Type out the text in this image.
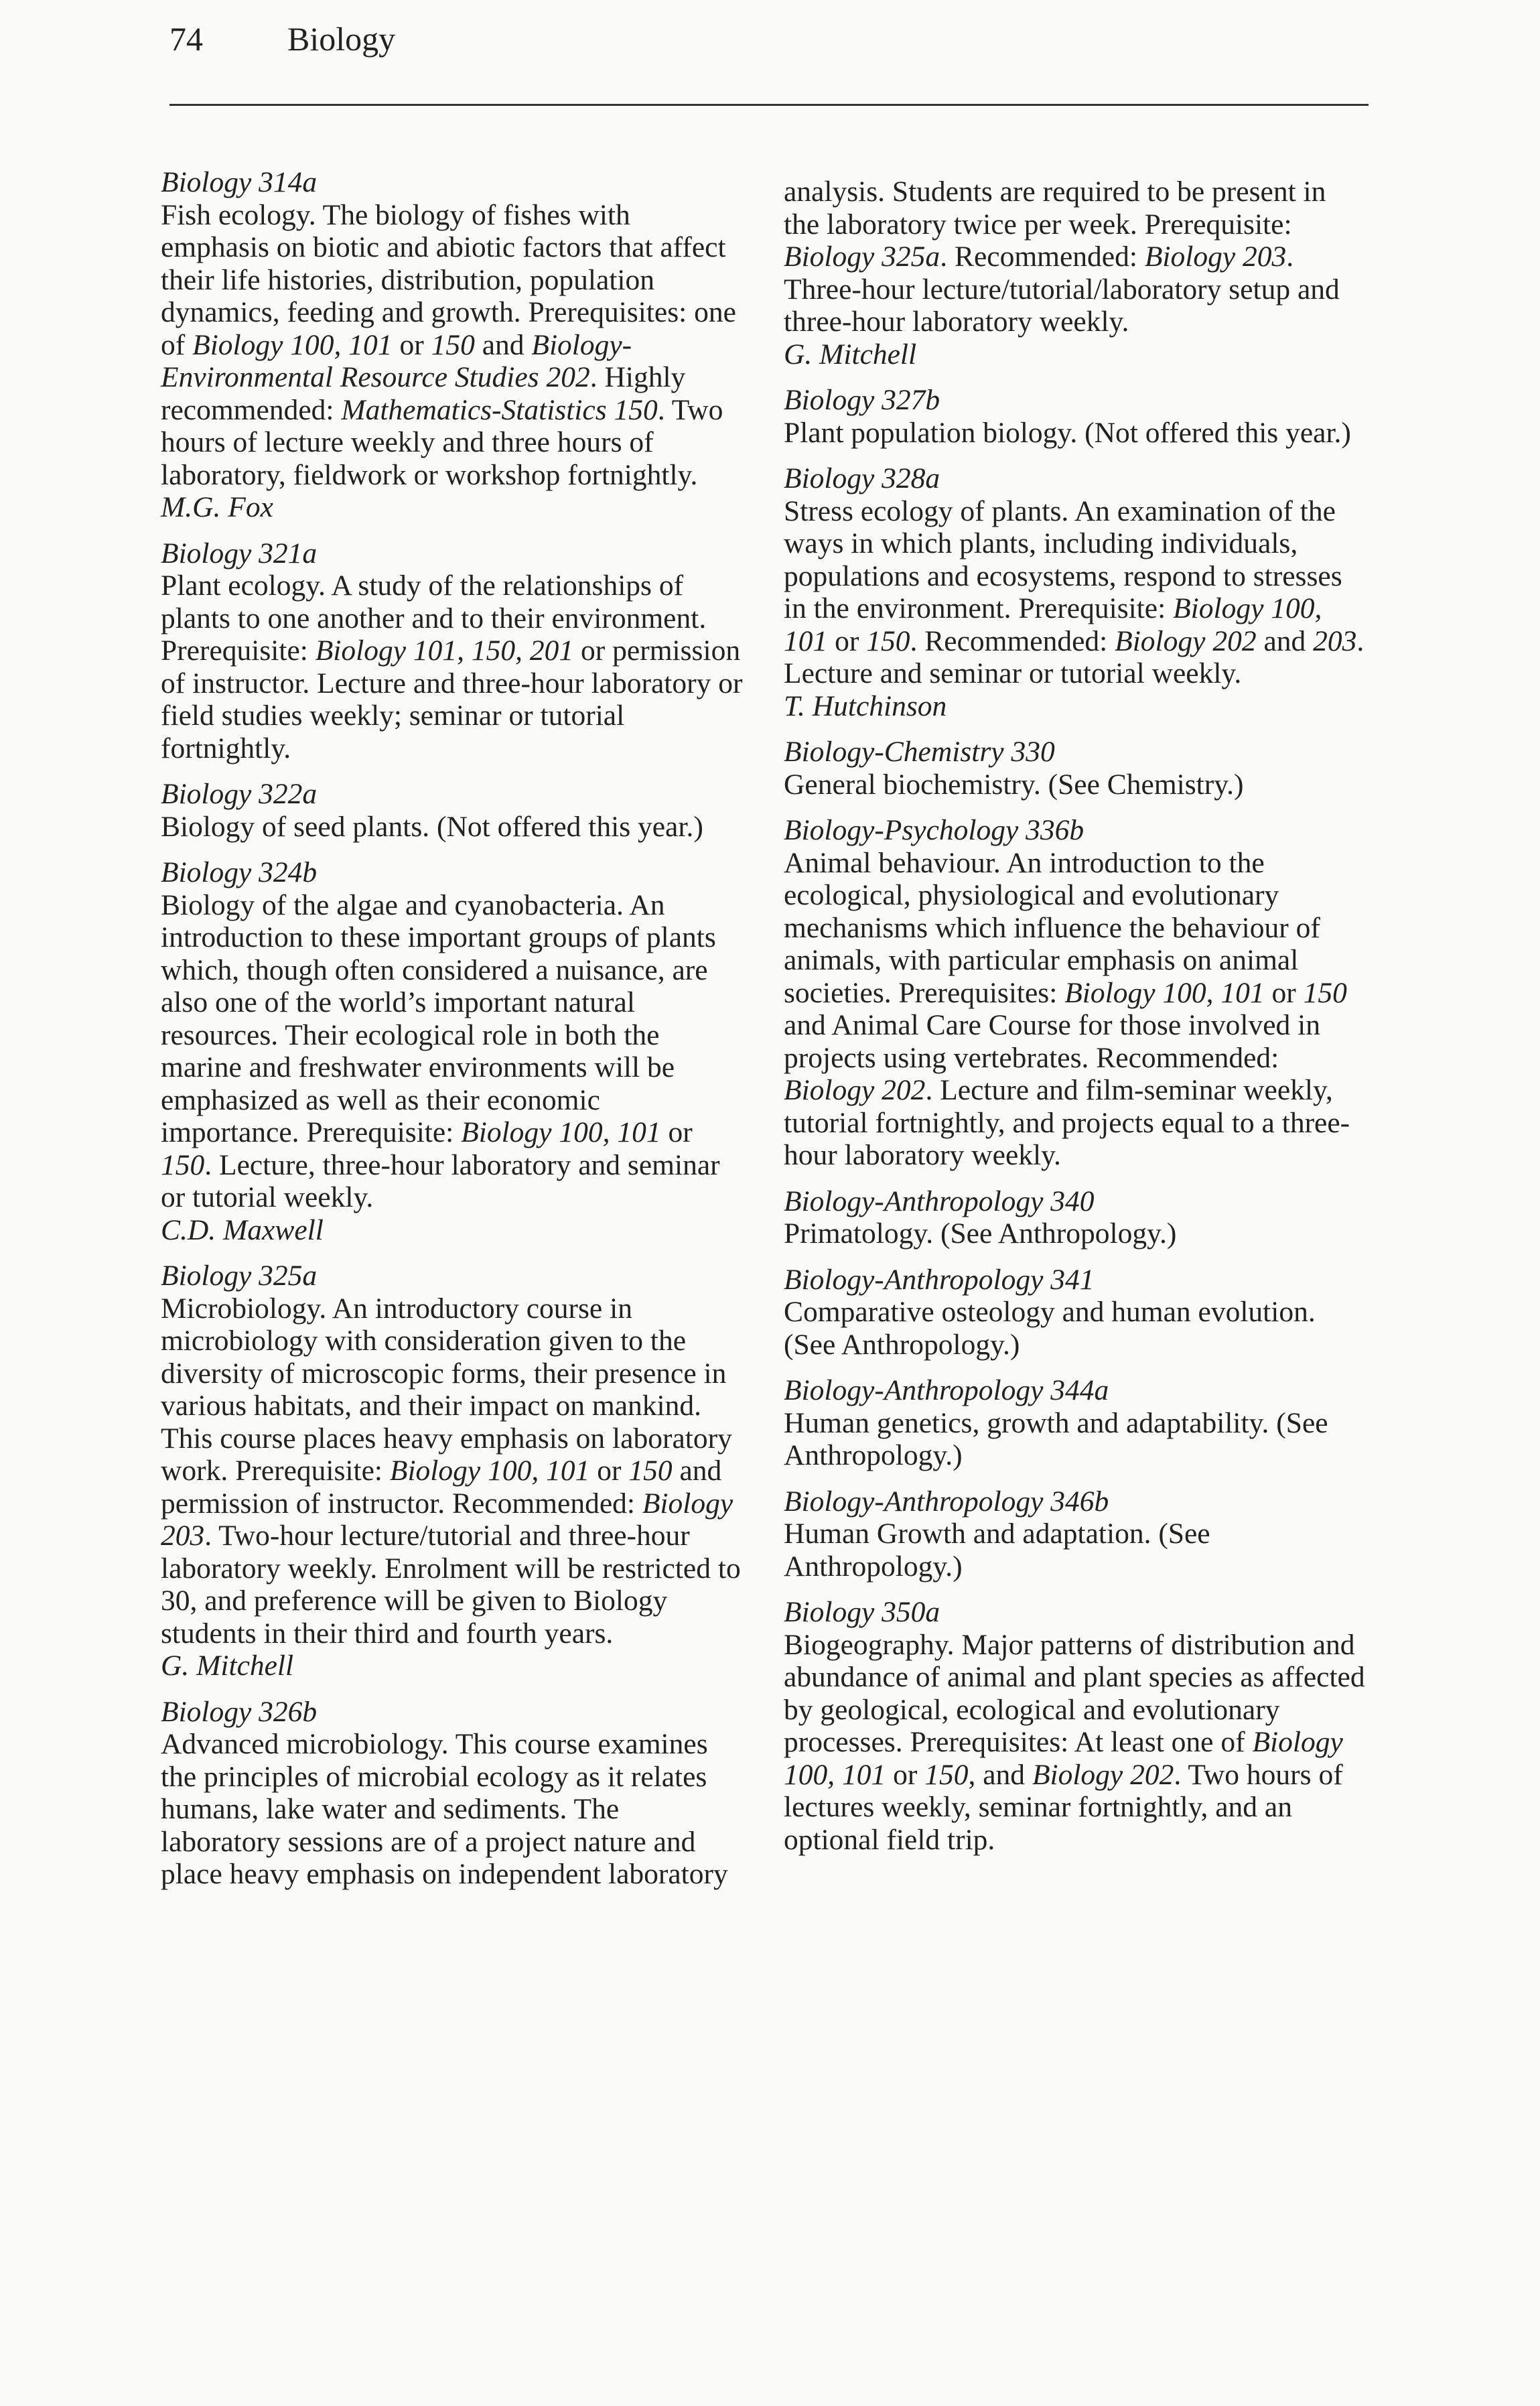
74	Biology
Biology 314a
Fish ecology. The biology of fishes with emphasis on biotic and abiotic factors that affect their life histories, distribution, population dynamics, feeding and growth. Prerequisites: one of Biology 100, 101 or 150 and Biology-Environmental Resource Studies 202. Highly recommended: Mathematics-Statistics 150. Two hours of lecture weekly and three hours of laboratory, fieldwork or workshop fortnightly.
M.G. Fox
Biology 321a
Plant ecology. A study of the relationships of plants to one another and to their environment. Prerequisite: Biology 101, 150, 201 or permission of instructor. Lecture and three-hour laboratory or field studies weekly; seminar or tutorial fortnightly.
Biology 322a
Biology of seed plants. (Not offered this year.)
Biology 324b
Biology of the algae and cyanobacteria. An introduction to these important groups of plants which, though often considered a nuisance, are also one of the world’s important natural resources. Their ecological role in both the marine and freshwater environments will be emphasized as well as their economic importance. Prerequisite: Biology 100, 101 or 150. Lecture, three-hour laboratory and seminar or tutorial weekly.
C.D. Maxwell
Biology 325a
Microbiology. An introductory course in microbiology with consideration given to the diversity of microscopic forms, their presence in various habitats, and their impact on mankind. This course places heavy emphasis on laboratory work. Prerequisite: Biology 100, 101 or 150 and permission of instructor. Recommended: Biology 203. Two-hour lecture/tutorial and three-hour laboratory weekly. Enrolment will be restricted to 30, and preference will be given to Biology students in their third and fourth years.
G. Mitchell
Biology 326b
Advanced microbiology. This course examines the principles of microbial ecology as it relates humans, lake water and sediments. The laboratory sessions are of a project nature and place heavy emphasis on independent laboratory
analysis. Students are required to be present in the laboratory twice per week. Prerequisite: Biology 325a. Recommended: Biology 203. Three-hour lecture/tutorial/laboratory setup and three-hour laboratory weekly.
G. Mitchell
Biology 327b
Plant population biology. (Not offered this year.)
Biology 328a
Stress ecology of plants. An examination of the ways in which plants, including individuals, populations and ecosystems, respond to stresses in the environment. Prerequisite: Biology 100, 101 or 150. Recommended: Biology 202 and 203. Lecture and seminar or tutorial weekly.
T. Hutchinson
Biology-Chemistry 330
General biochemistry. (See Chemistry.)
Biology-Psychology 336b
Animal behaviour. An introduction to the ecological, physiological and evolutionary mechanisms which influence the behaviour of animals, with particular emphasis on animal societies. Prerequisites: Biology 100, 101 or 150 and Animal Care Course for those involved in projects using vertebrates. Recommended: Biology 202. Lecture and film-seminar weekly, tutorial fortnightly, and projects equal to a three-hour laboratory weekly.
Biology-Anthropology 340
Primatology. (See Anthropology.)
Biology-Anthropology 341
Comparative osteology and human evolution. (See Anthropology.)
Biology-Anthropology 344a
Human genetics, growth and adaptability. (See Anthropology.)
Biology-Anthropology 346b
Human Growth and adaptation. (See Anthropology.)
Biology 350a
Biogeography. Major patterns of distribution and abundance of animal and plant species as affected by geological, ecological and evolutionary processes. Prerequisites: At least one of Biology 100, 101 or 150, and Biology 202. Two hours of lectures weekly, seminar fortnightly, and an optional field trip.
